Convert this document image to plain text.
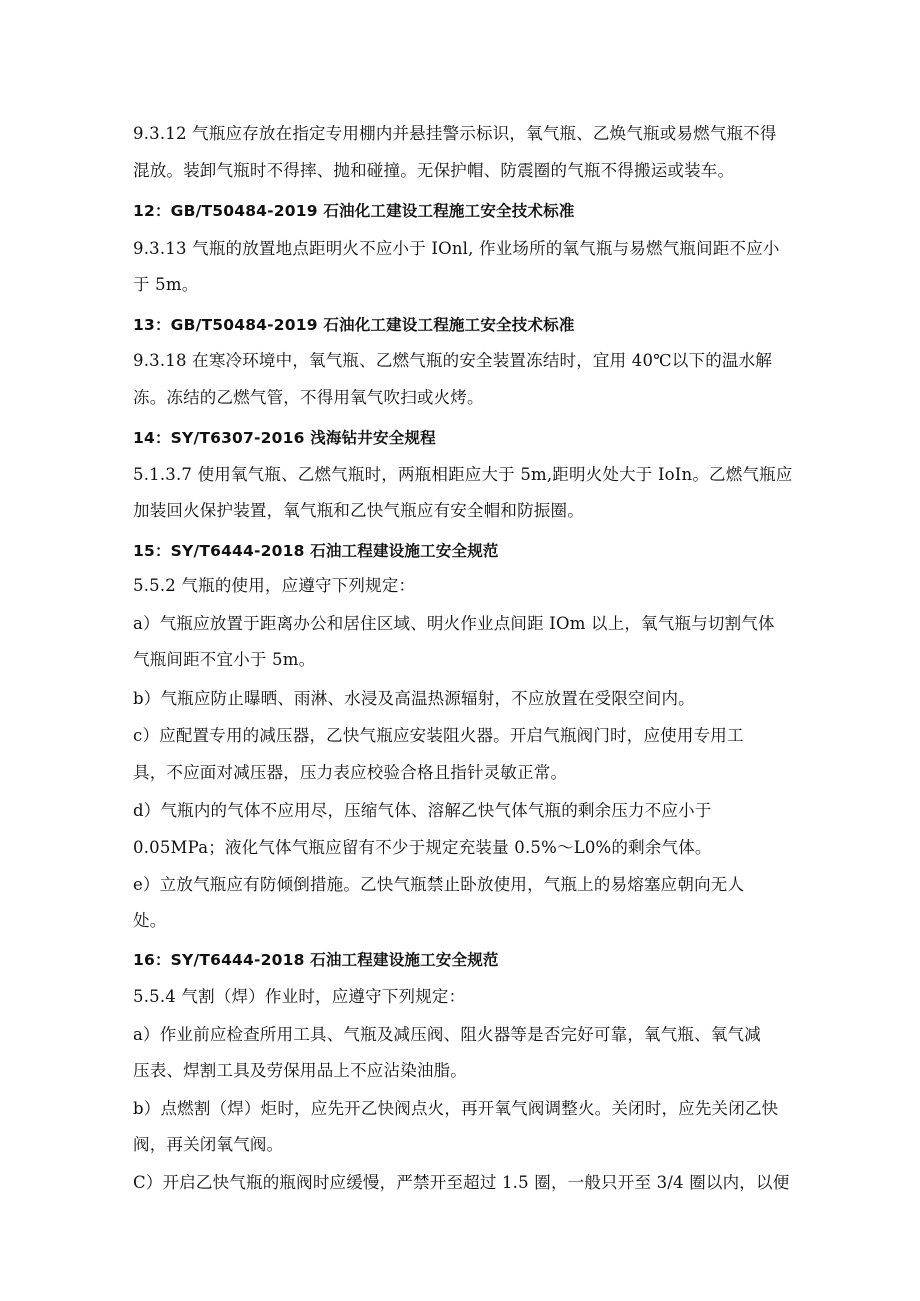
9.3.12 气瓶应存放在指定专用棚内并悬挂警示标识，氧气瓶、乙焕气瓶或易燃气瓶不得
混放。装卸气瓶时不得摔、抛和碰撞。无保护帽、防震圈的气瓶不得搬运或装车。
12：GB/T50484-2019 石油化工建设工程施工安全技术标准
9.3.13 气瓶的放置地点距明火不应小于 IOnl, 作业场所的氧气瓶与易燃气瓶间距不应小
于 5m。
13：GB/T50484-2019 石油化工建设工程施工安全技术标准
9.3.18 在寒冷环境中，氧气瓶、乙燃气瓶的安全装置冻结时，宜用 40℃以下的温水解
冻。冻结的乙燃气管，不得用氧气吹扫或火烤。
14：SY/T6307-2016 浅海钻井安全规程
5.1.3.7 使用氧气瓶、乙燃气瓶时，两瓶相距应大于 5m,距明火处大于 IoIn。乙燃气瓶应
加装回火保护装置，氧气瓶和乙快气瓶应有安全帽和防振圈。
15：SY/T6444-2018 石油工程建设施工安全规范
5.5.2 气瓶的使用，应遵守下列规定：
a）气瓶应放置于距离办公和居住区域、明火作业点间距 IOm 以上，氧气瓶与切割气体
气瓶间距不宜小于 5m。
b）气瓶应防止曝晒、雨淋、水浸及高温热源辐射，不应放置在受限空间内。
c）应配置专用的减压器，乙快气瓶应安装阻火器。开启气瓶阀门时，应使用专用工
具，不应面对减压器，压力表应校验合格且指针灵敏正常。
d）气瓶内的气体不应用尽，压缩气体、溶解乙快气体气瓶的剩余压力不应小于
0.05MPa；液化气体气瓶应留有不少于规定充装量 0.5%～L0%的剩余气体。
e）立放气瓶应有防倾倒措施。乙快气瓶禁止卧放使用，气瓶上的易熔塞应朝向无人
处。
16：SY/T6444-2018 石油工程建设施工安全规范
5.5.4 气割（焊）作业时，应遵守下列规定：
a）作业前应检查所用工具、气瓶及减压阀、阻火器等是否完好可靠，氧气瓶、氧气减
压表、焊割工具及劳保用品上不应沾染油脂。
b）点燃割（焊）炬时，应先开乙快阀点火，再开氧气阀调整火。关闭时，应先关闭乙快
阀，再关闭氧气阀。
C）开启乙快气瓶的瓶阀时应缓慢，严禁开至超过 1.5 圈，一般只开至 3/4 圈以内，以便
